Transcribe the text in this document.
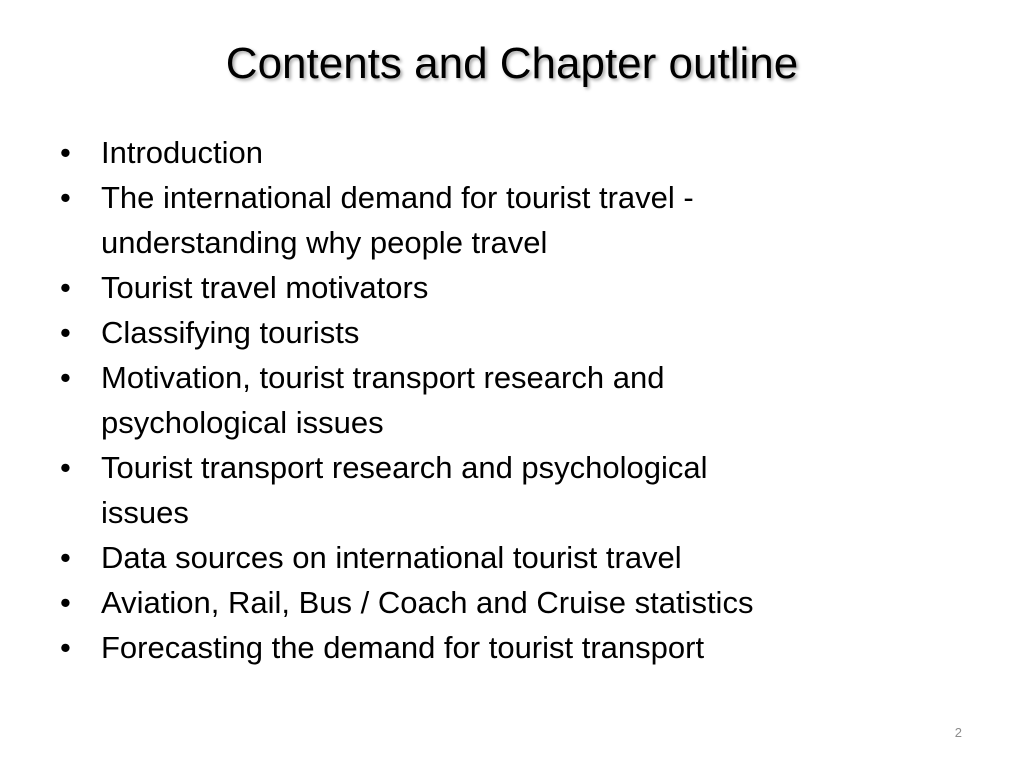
Contents and Chapter outline
• Introduction
• The international demand for tourist travel -
understanding why people travel
• Tourist travel motivators
• Classifying tourists
• Motivation, tourist transport research and
psychological issues
• Tourist transport research and psychological
issues
• Data sources on international tourist travel
• Aviation, Rail, Bus / Coach and Cruise statistics
• Forecasting the demand for tourist transport
2
